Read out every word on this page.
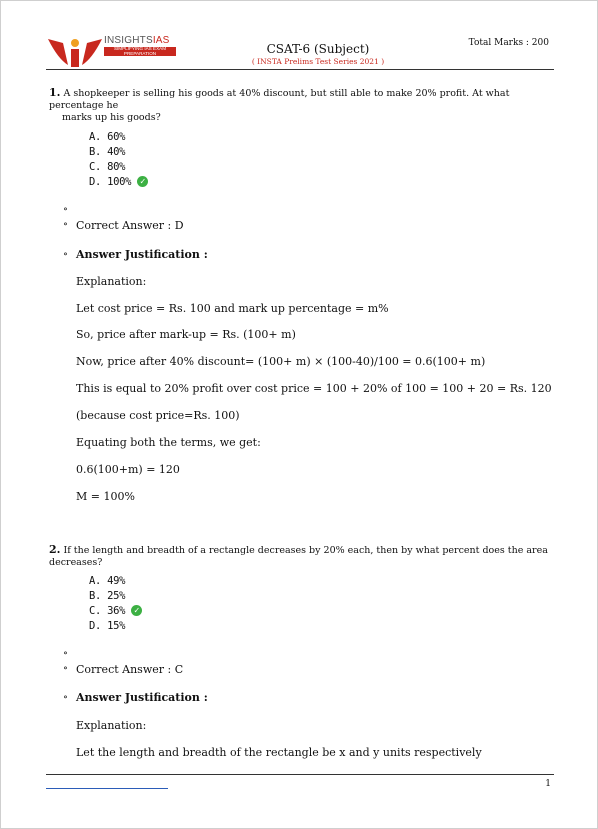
INSIGHTSIAS
SIMPLIFYING IAS EXAM PREPARATION	CSAT-6 (Subject)
( INSTA Prelims Test Series 2021 )
Total Marks : 200
1. A shopkeeper is selling his goods at 40% discount, but still able to make 20% profit. At what percentage he
marks up his goods?
A. 60%
B. 40%
C. 80%
D. 100% ✓
∘
∘ Correct Answer : D
∘ Answer Justification :
Explanation:
Let cost price = Rs. 100 and mark up percentage = m%
So, price after mark-up = Rs. (100+ m)
Now, price after 40% discount= (100+ m) × (100-40)/100 = 0.6(100+ m)
This is equal to 20% profit over cost price = 100 + 20% of 100 = 100 + 20 = Rs. 120
(because cost price=Rs. 100)
Equating both the terms, we get:
0.6(100+m) = 120
M = 100%
2. If the length and breadth of a rectangle decreases by 20% each, then by what percent does the area decreases?
A. 49%
B. 25%
C. 36% ✓
D. 15%
∘
∘ Correct Answer : C
∘ Answer Justification :
Explanation:
Let the length and breadth of the rectangle be x and y units respectively
1
